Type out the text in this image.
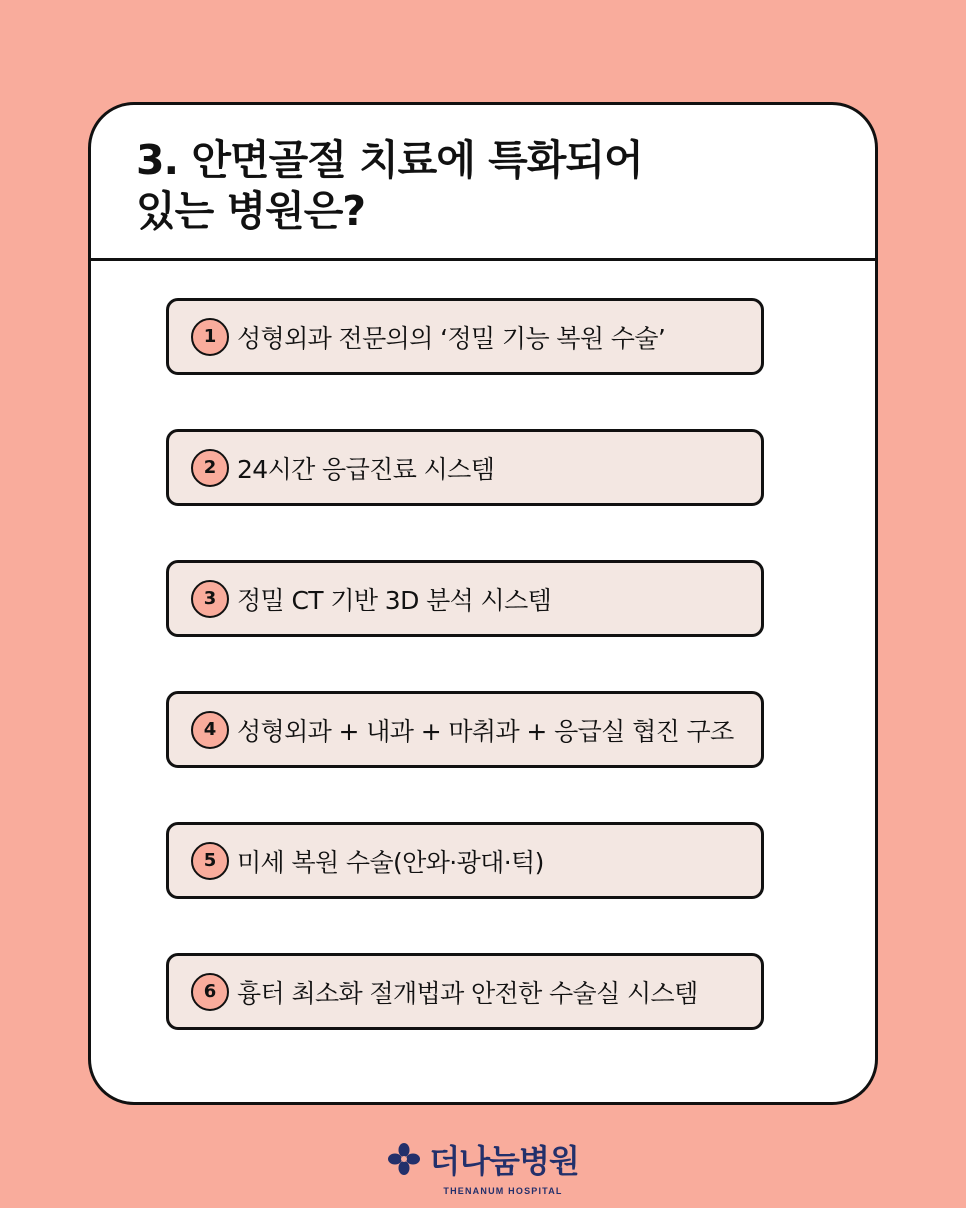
3. 안면골절 치료에 특화되어
있는 병원은?
1 성형외과 전문의의 ‘정밀 기능 복원 수술’
2 24시간 응급진료 시스템
3 정밀 CT 기반 3D 분석 시스템
4 성형외과 + 내과 + 마취과 + 응급실 협진 구조
5 미세 복원 수술(안와·광대·턱)
6 흉터 최소화 절개법과 안전한 수술실 시스템
더나눔병원
THENANUM HOSPITAL
